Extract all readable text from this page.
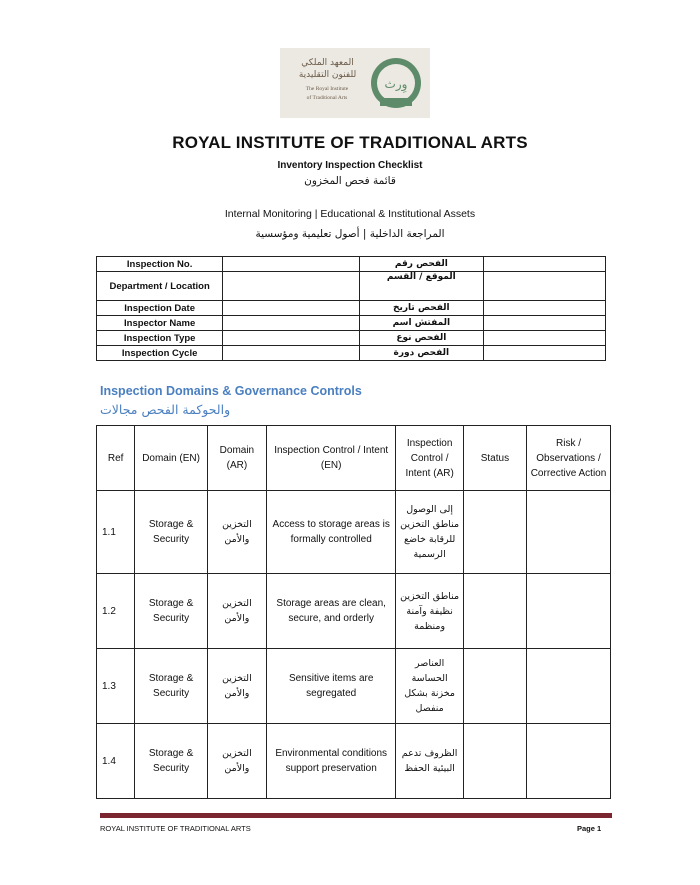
المعهد الملكي
للفنون التقليدية
The Royal Institute
of Traditional Arts
وِرث
ROYAL INSTITUTE OF TRADITIONAL ARTS
Inventory Inspection Checklist
قائمة فحص المخزون
Internal Monitoring | Educational & Institutional Assets
المراجعة الداخلية | أصول تعليمية ومؤسسية
Inspection No.		الفحص رقم	
Department / Location		الموقع / القسم	
Inspection Date		الفحص تاريخ	
Inspector Name		المفتش اسم	
Inspection Type		الفحص نوع	
Inspection Cycle		الفحص دورة	
Inspection Domains & Governance Controls
والحوكمة الفحص مجالات
Ref	Domain (EN)	Domain (AR)	Inspection Control / Intent (EN)	Inspection Control / Intent (AR)	Status	Risk / Observations / Corrective Action
1.1	Storage & Security	التخزين والأمن	Access to storage areas is formally controlled	إلى الوصول مناطق التخزين للرقابة خاضع الرسمية		
1.2	Storage & Security	التخزين والأمن	Storage areas are clean, secure, and orderly	مناطق التخزين نظيفة وآمنة ومنظمة		
1.3	Storage & Security	التخزين والأمن	Sensitive items are segregated	العناصر الحساسة مخزنة بشكل منفصل		
1.4	Storage & Security	التخزين والأمن	Environmental conditions support preservation	الظروف تدعم البيئية الحفظ		
ROYAL INSTITUTE OF TRADITIONAL ARTS	Page 1
